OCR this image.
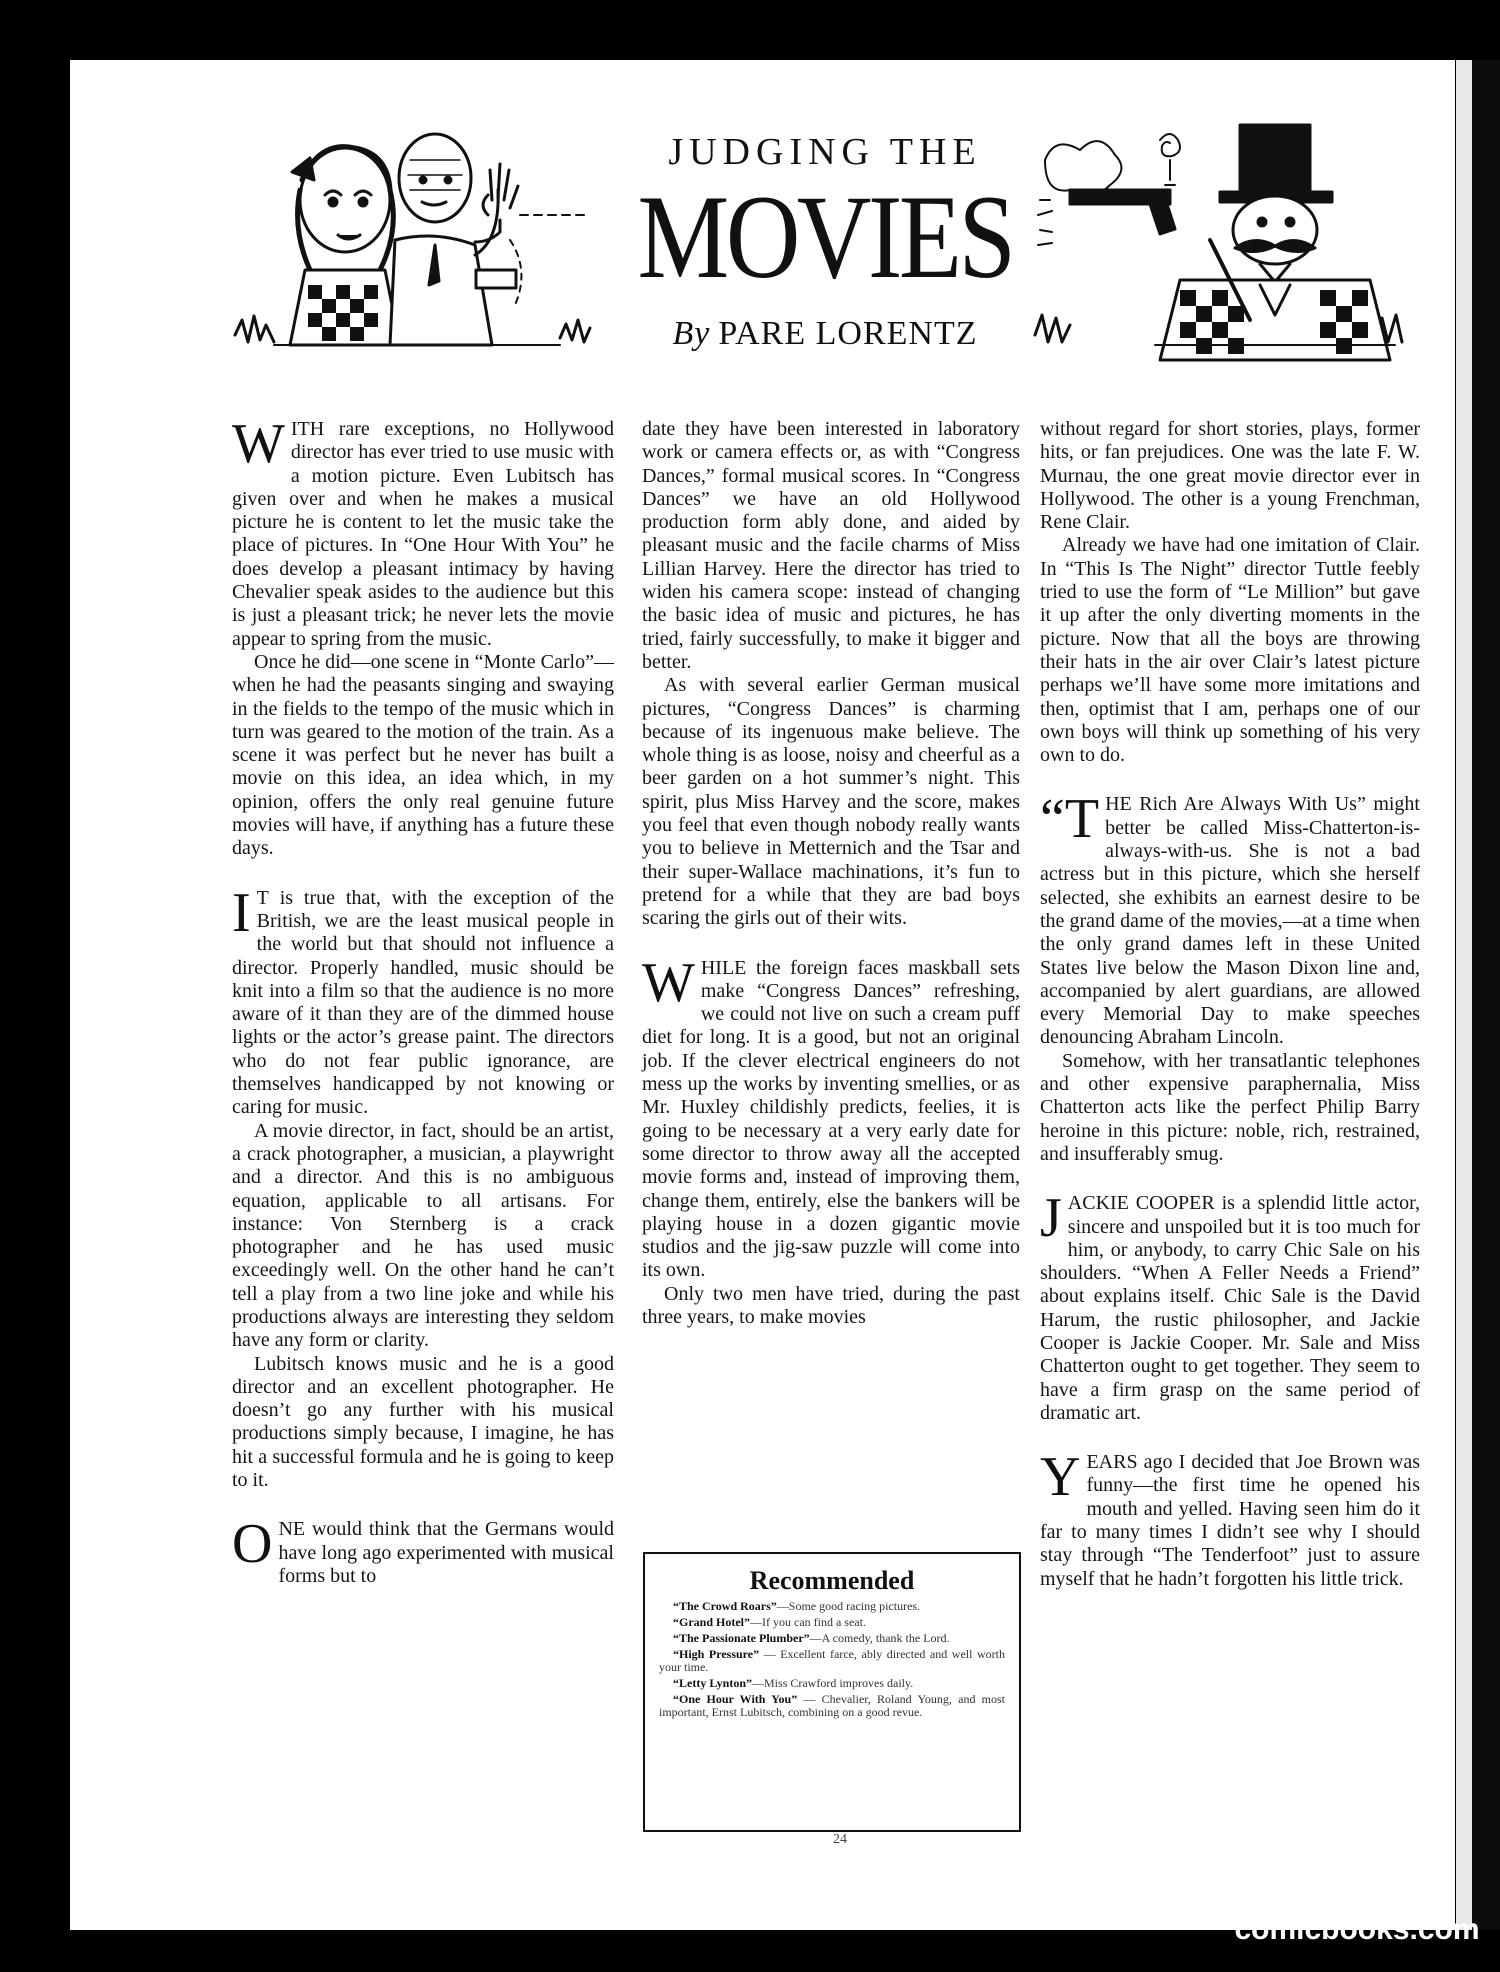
JUDGING THE
MOVIES
By PARE LORENTZ

WITH rare exceptions, no Hollywood director has ever tried to use music with a motion picture. Even Lubitsch has given over and when he makes a musical picture he is content to let the music take the place of pictures. In “One Hour With You” he does develop a pleasant intimacy by having Chevalier speak asides to the audience but this is just a pleasant trick; he never lets the movie appear to spring from the music.

Once he did—one scene in “Monte Carlo”—when he had the peasants singing and swaying in the fields to the tempo of the music which in turn was geared to the motion of the train. As a scene it was perfect but he never has built a movie on this idea, an idea which, in my opinion, offers the only real genuine future movies will have, if anything has a future these days.

I T is true that, with the exception of the British, we are the least musical people in the world but that should not influence a director. Properly handled, music should be knit into a film so that the audience is no more aware of it than they are of the dimmed house lights or the actor’s grease paint. The directors who do not fear public ignorance, are themselves handicapped by not knowing or caring for music.

A movie director, in fact, should be an artist, a crack photographer, a musician, a playwright and a director. And this is no ambiguous equation, applicable to all artisans. For instance: Von Sternberg is a crack photographer and he has used music exceedingly well. On the other hand he can’t tell a play from a two line joke and while his productions always are interesting they seldom have any form or clarity.

Lubitsch knows music and he is a good director and an excellent photographer. He doesn’t go any further with his musical productions simply because, I imagine, he has hit a successful formula and he is going to keep to it.

ONE would think that the Germans would have long ago experimented with musical forms but to

date they have been interested in laboratory work or camera effects or, as with “Congress Dances,” formal musical scores. In “Congress Dances” we have an old Hollywood production form ably done, and aided by pleasant music and the facile charms of Miss Lillian Harvey. Here the director has tried to widen his camera scope: instead of changing the basic idea of music and pictures, he has tried, fairly successfully, to make it bigger and better.

As with several earlier German musical pictures, “Congress Dances” is charming because of its ingenuous make believe. The whole thing is as loose, noisy and cheerful as a beer garden on a hot summer’s night. This spirit, plus Miss Harvey and the score, makes you feel that even though nobody really wants you to believe in Metternich and the Tsar and their super-Wallace machinations, it’s fun to pretend for a while that they are bad boys scaring the girls out of their wits.

WHILE the foreign faces maskball sets make “Congress Dances” refreshing, we could not live on such a cream puff diet for long. It is a good, but not an original job. If the clever electrical engineers do not mess up the works by inventing smellies, or as Mr. Huxley childishly predicts, feelies, it is going to be necessary at a very early date for some director to throw away all the accepted movie forms and, instead of improving them, change them, entirely, else the bankers will be playing house in a dozen gigantic movie studios and the jig-saw puzzle will come into its own.

Only two men have tried, during the past three years, to make movies

Recommended
“The Crowd Roars”—Some good racing pictures.
“Grand Hotel”—If you can find a seat.
“The Passionate Plumber”—A comedy, thank the Lord.
“High Pressure” — Excellent farce, ably directed and well worth your time.
“Letty Lynton”—Miss Crawford improves daily.
“One Hour With You” — Chevalier, Roland Young, and most important, Ernst Lubitsch, combining on a good revue.

without regard for short stories, plays, former hits, or fan prejudices. One was the late F. W. Murnau, the one great movie director ever in Hollywood. The other is a young Frenchman, Rene Clair.

Already we have had one imitation of Clair. In “This Is The Night” director Tuttle feebly tried to use the form of “Le Million” but gave it up after the only diverting moments in the picture. Now that all the boys are throwing their hats in the air over Clair’s latest picture perhaps we’ll have some more imitations and then, optimist that I am, perhaps one of our own boys will think up something of his very own to do.

“THE Rich Are Always With Us” might better be called Miss-Chatterton-is-always-with-us. She is not a bad actress but in this picture, which she herself selected, she exhibits an earnest desire to be the grand dame of the movies,—at a time when the only grand dames left in these United States live below the Mason Dixon line and, accompanied by alert guardians, are allowed every Memorial Day to make speeches denouncing Abraham Lincoln.

Somehow, with her transatlantic telephones and other expensive paraphernalia, Miss Chatterton acts like the perfect Philip Barry heroine in this picture: noble, rich, restrained, and insufferably smug.

JACKIE COOPER is a splendid little actor, sincere and unspoiled but it is too much for him, or anybody, to carry Chic Sale on his shoulders. “When A Feller Needs a Friend” about explains itself. Chic Sale is the David Harum, the rustic philosopher, and Jackie Cooper is Jackie Cooper. Mr. Sale and Miss Chatterton ought to get together. They seem to have a firm grasp on the same period of dramatic art.

YEARS ago I decided that Joe Brown was funny—the first time he opened his mouth and yelled. Having seen him do it far to many times I didn’t see why I should stay through “The Tenderfoot” just to assure myself that he hadn’t forgotten his little trick.

24
comicbooks.com
